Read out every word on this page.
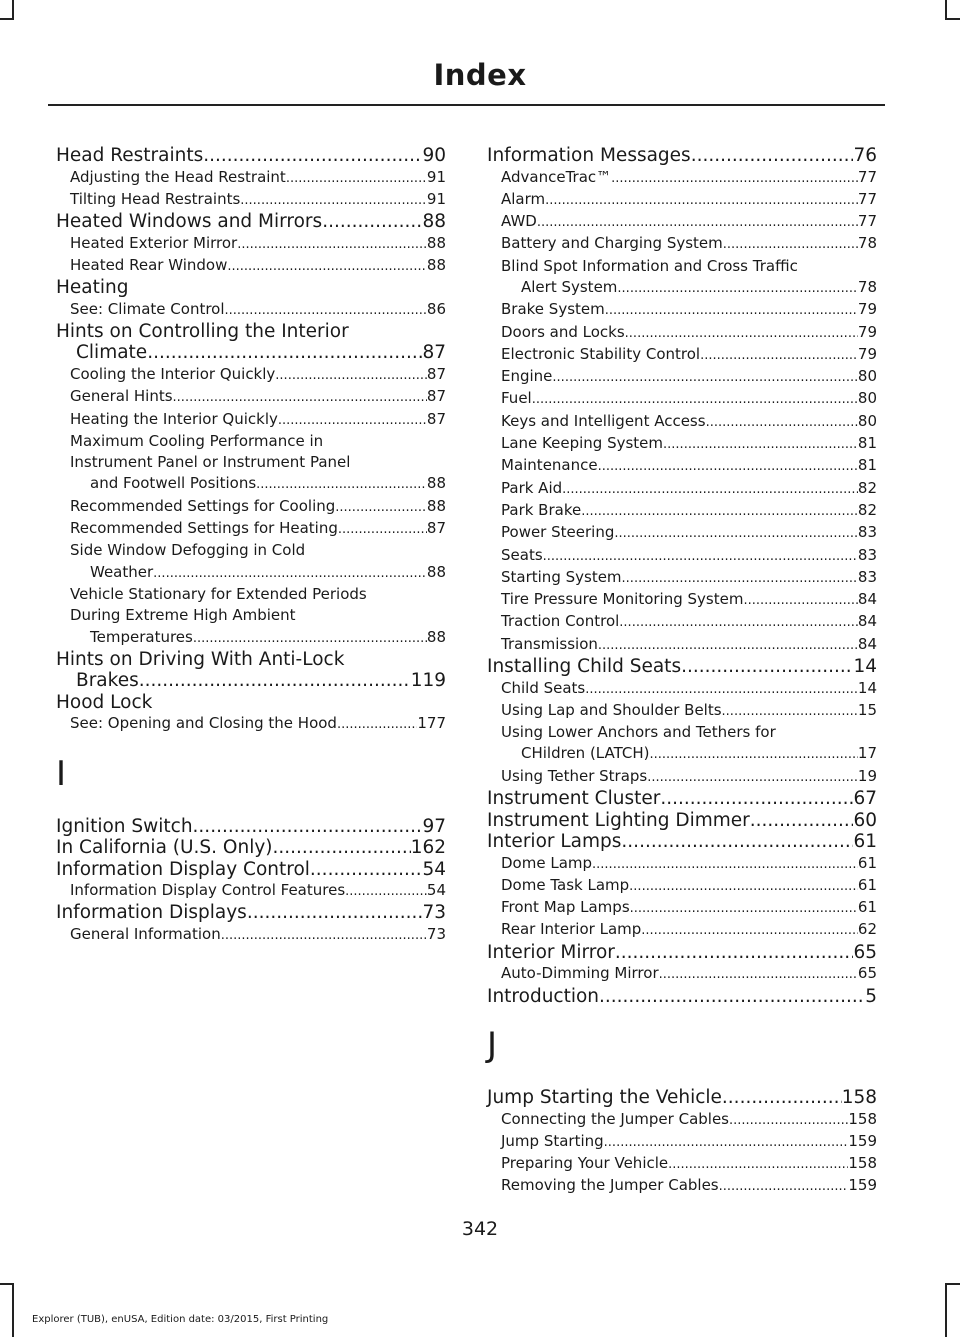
Index
Head Restraints .....	90
Adjusting the Head Restraint .....	91
Tilting Head Restraints .....	91
Heated Windows and Mirrors .....	88
Heated Exterior Mirror .....	88
Heated Rear Window .....	88
Heating
See: Climate Control .....	86
Hints on Controlling the Interior
Climate .....	87
Cooling the Interior Quickly .....	87
General Hints .....	87
Heating the Interior Quickly .....	87
Maximum Cooling Performance in
Instrument Panel or Instrument Panel
and Footwell Positions .....	88
Recommended Settings for Cooling .....	88
Recommended Settings for Heating .....	87
Side Window Defogging in Cold
Weather .....	88
Vehicle Stationary for Extended Periods
During Extreme High Ambient
Temperatures .....	88
Hints on Driving With Anti-Lock
Brakes .....	119
Hood Lock
See: Opening and Closing the Hood .....	177
I
Ignition Switch .....	97
In California (U.S. Only) .....	162
Information Display Control .....	54
Information Display Control Features .....	54
Information Displays .....	73
General Information .....	73
Information Messages .....	76
AdvanceTrac™ .....	77
Alarm .....	77
AWD .....	77
Battery and Charging System .....	78
Blind Spot Information and Cross Traffic
Alert System .....	78
Brake System .....	79
Doors and Locks .....	79
Electronic Stability Control .....	79
Engine .....	80
Fuel .....	80
Keys and Intelligent Access .....	80
Lane Keeping System .....	81
Maintenance .....	81
Park Aid .....	82
Park Brake .....	82
Power Steering .....	83
Seats .....	83
Starting System .....	83
Tire Pressure Monitoring System .....	84
Traction Control .....	84
Transmission .....	84
Installing Child Seats .....	14
Child Seats .....	14
Using Lap and Shoulder Belts .....	15
Using Lower Anchors and Tethers for
CHildren (LATCH) .....	17
Using Tether Straps .....	19
Instrument Cluster .....	67
Instrument Lighting Dimmer .....	60
Interior Lamps .....	61
Dome Lamp .....	61
Dome Task Lamp .....	61
Front Map Lamps .....	61
Rear Interior Lamp .....	62
Interior Mirror .....	65
Auto-Dimming Mirror .....	65
Introduction .....	5
J
Jump Starting the Vehicle .....	158
Connecting the Jumper Cables .....	158
Jump Starting .....	159
Preparing Your Vehicle .....	158
Removing the Jumper Cables .....	159
342
Explorer (TUB), enUSA, Edition date: 03/2015, First Printing
